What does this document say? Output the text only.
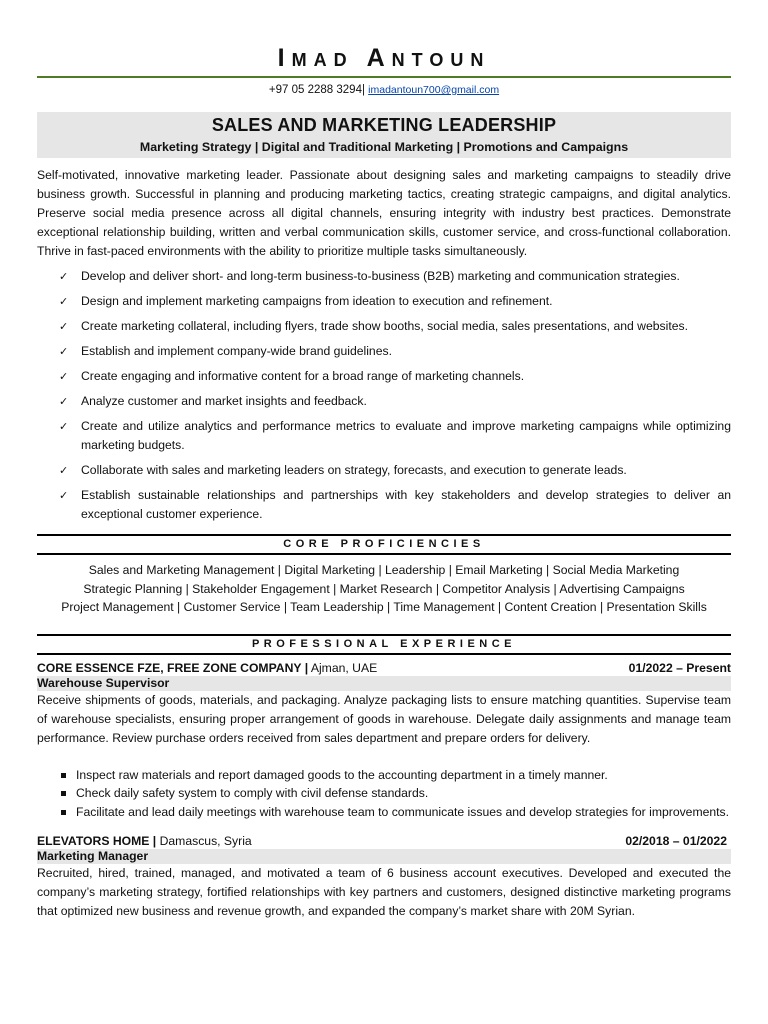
Imad Antoun
+97 05 2288 3294| imadantoun700@gmail.com
SALES AND MARKETING LEADERSHIP
Marketing Strategy | Digital and Traditional Marketing | Promotions and Campaigns

Self-motivated, innovative marketing leader. Passionate about designing sales and marketing campaigns to steadily drive business growth. Successful in planning and producing marketing tactics, creating strategic campaigns, and digital analytics. Preserve social media presence across all digital channels, ensuring integrity with industry best practices. Demonstrate exceptional relationship building, written and verbal communication skills, customer service, and cross-functional collaboration. Thrive in fast-paced environments with the ability to prioritize multiple tasks simultaneously.

✓ Develop and deliver short- and long-term business-to-business (B2B) marketing and communication strategies.
✓ Design and implement marketing campaigns from ideation to execution and refinement.
✓ Create marketing collateral, including flyers, trade show booths, social media, sales presentations, and websites.
✓ Establish and implement company-wide brand guidelines.
✓ Create engaging and informative content for a broad range of marketing channels.
✓ Analyze customer and market insights and feedback.
✓ Create and utilize analytics and performance metrics to evaluate and improve marketing campaigns while optimizing marketing budgets.
✓ Collaborate with sales and marketing leaders on strategy, forecasts, and execution to generate leads.
✓ Establish sustainable relationships and partnerships with key stakeholders and develop strategies to deliver an exceptional customer experience.
CORE PROFICIENCIES
Sales and Marketing Management | Digital Marketing | Leadership | Email Marketing | Social Media Marketing
Strategic Planning | Stakeholder Engagement | Market Research | Competitor Analysis | Advertising Campaigns
Project Management | Customer Service | Team Leadership | Time Management | Content Creation | Presentation Skills
PROFESSIONAL EXPERIENCE
CORE ESSENCE FZE, FREE ZONE COMPANY | Ajman, UAE	01/2022 – Present
Warehouse Supervisor

Receive shipments of goods, materials, and packaging. Analyze packaging lists to ensure matching quantities. Supervise team of warehouse specialists, ensuring proper arrangement of goods in warehouse. Delegate daily assignments and manage team performance. Review purchase orders received from sales department and prepare orders for delivery.

Inspect raw materials and report damaged goods to the accounting department in a timely manner.
Check daily safety system to comply with civil defense standards.
Facilitate and lead daily meetings with warehouse team to communicate issues and develop strategies for improvements.
ELEVATORS HOME | Damascus, Syria	02/2018 – 01/2022
Marketing Manager

Recruited, hired, trained, managed, and motivated a team of 6 business account executives. Developed and executed the company’s marketing strategy, fortified relationships with key partners and customers, designed distinctive marketing programs that optimized new business and revenue growth, and expanded the company’s market share with 20M Syrian.
